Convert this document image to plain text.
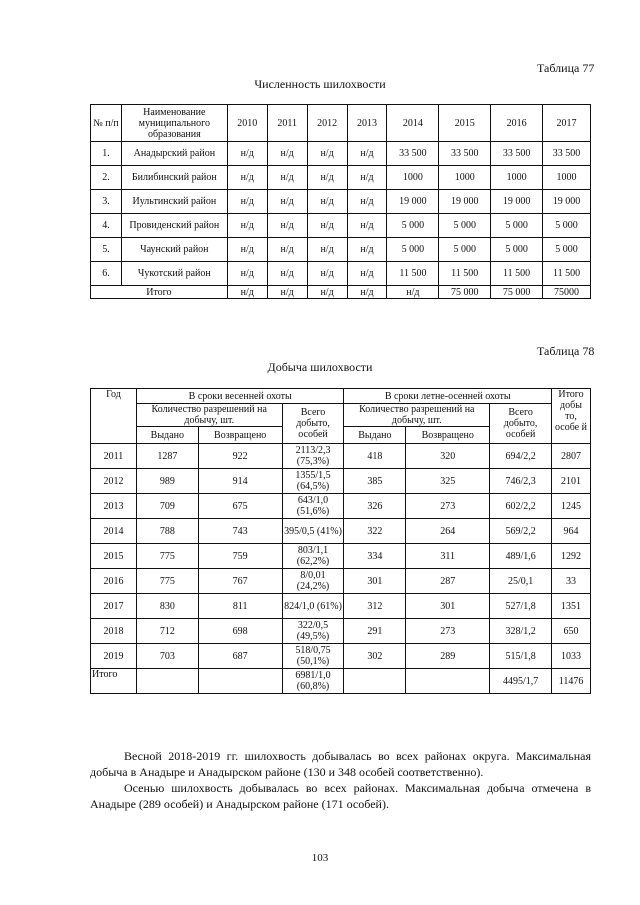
Таблица 77
Численность шилохвости
№ п/п	Наименование муниципального образования	2010	2011	2012	2013	2014	2015	2016	2017
1.	Анадырский район	н/д	н/д	н/д	н/д	33 500	33 500	33 500	33 500
2.	Билибинский район	н/д	н/д	н/д	н/д	1000	1000	1000	1000
3.	Иультинский район	н/д	н/д	н/д	н/д	19 000	19 000	19 000	19 000
4.	Провиденский район	н/д	н/д	н/д	н/д	5 000	5 000	5 000	5 000
5.	Чаунский район	н/д	н/д	н/д	н/д	5 000	5 000	5 000	5 000
6.	Чукотский район	н/д	н/д	н/д	н/д	11 500	11 500	11 500	11 500
Итого		н/д	н/д	н/д	н/д	н/д	75 000	75 000	75000
Таблица 78
Добыча шилохвости
Год	В сроки весенней охоты			В сроки летне-осенней охоты			Итого добы то, особе й
	Количество разрешений на добычу, шт.		Всего добыто, особей	Количество разрешений на добычу, шт.		Всего добыто, особей	
	Выдано	Возвращено		Выдано	Возвращено		
2011	1287	922	2113/2,3 (75,3%)	418	320	694/2,2	2807
2012	989	914	1355/1,5 (64,5%)	385	325	746/2,3	2101
2013	709	675	643/1,0 (51,6%)	326	273	602/2,2	1245
2014	788	743	395/0,5 (41%)	322	264	569/2,2	964
2015	775	759	803/1,1 (62,2%)	334	311	489/1,6	1292
2016	775	767	8/0,01 (24,2%)	301	287	25/0,1	33
2017	830	811	824/1,0 (61%)	312	301	527/1,8	1351
2018	712	698	322/0,5 (49,5%)	291	273	328/1,2	650
2019	703	687	518/0,75 (50,1%)	302	289	515/1,8	1033
Итого			6981/1,0 (60,8%)			4495/1,7	11476

Весной 2018-2019 гг. шилохвость добывалась во всех районах округа. Максимальная добыча в Анадыре и Анадырском районе (130 и 348 особей соответственно).

Осенью шилохвость добывалась во всех районах. Максимальная добыча отмечена в Анадыре (289 особей) и Анадырском районе (171 особей).

103
